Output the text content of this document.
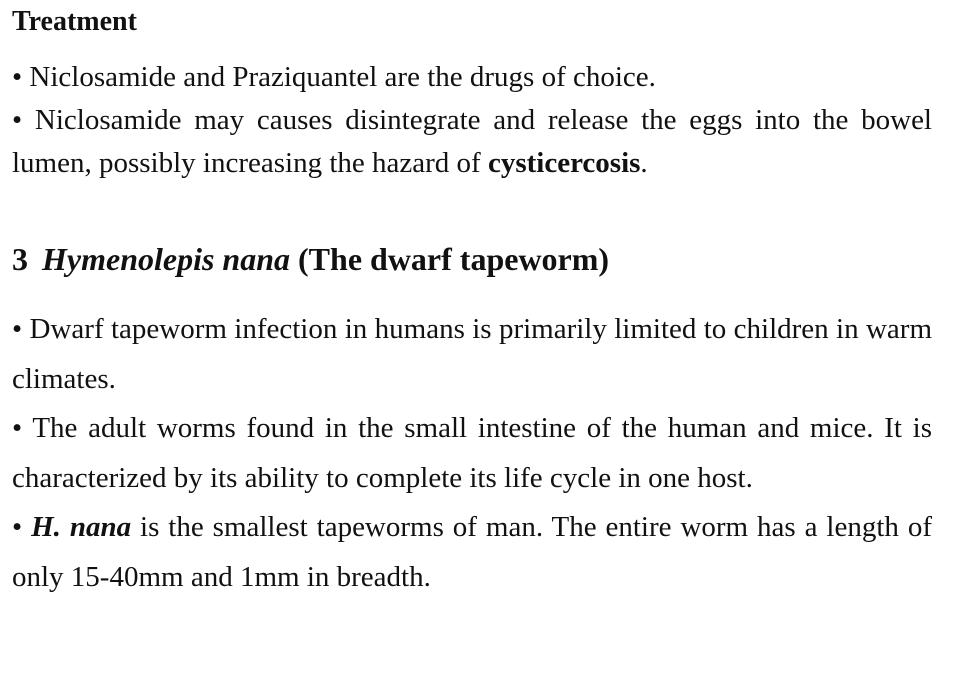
Treatment

• Niclosamide and Praziquantel are the drugs of choice.

• Niclosamide may causes disintegrate and release the eggs into the bowel lumen, possibly increasing the hazard of cysticercosis.

3 Hymenolepis nana (The dwarf tapeworm)

• Dwarf tapeworm infection in humans is primarily limited to children in warm climates.

• The adult worms found in the small intestine of the human and mice. It is characterized by its ability to complete its life cycle in one host.

• H. nana is the smallest tapeworms of man. The entire worm has a length of only 15-40mm and 1mm in breadth.
